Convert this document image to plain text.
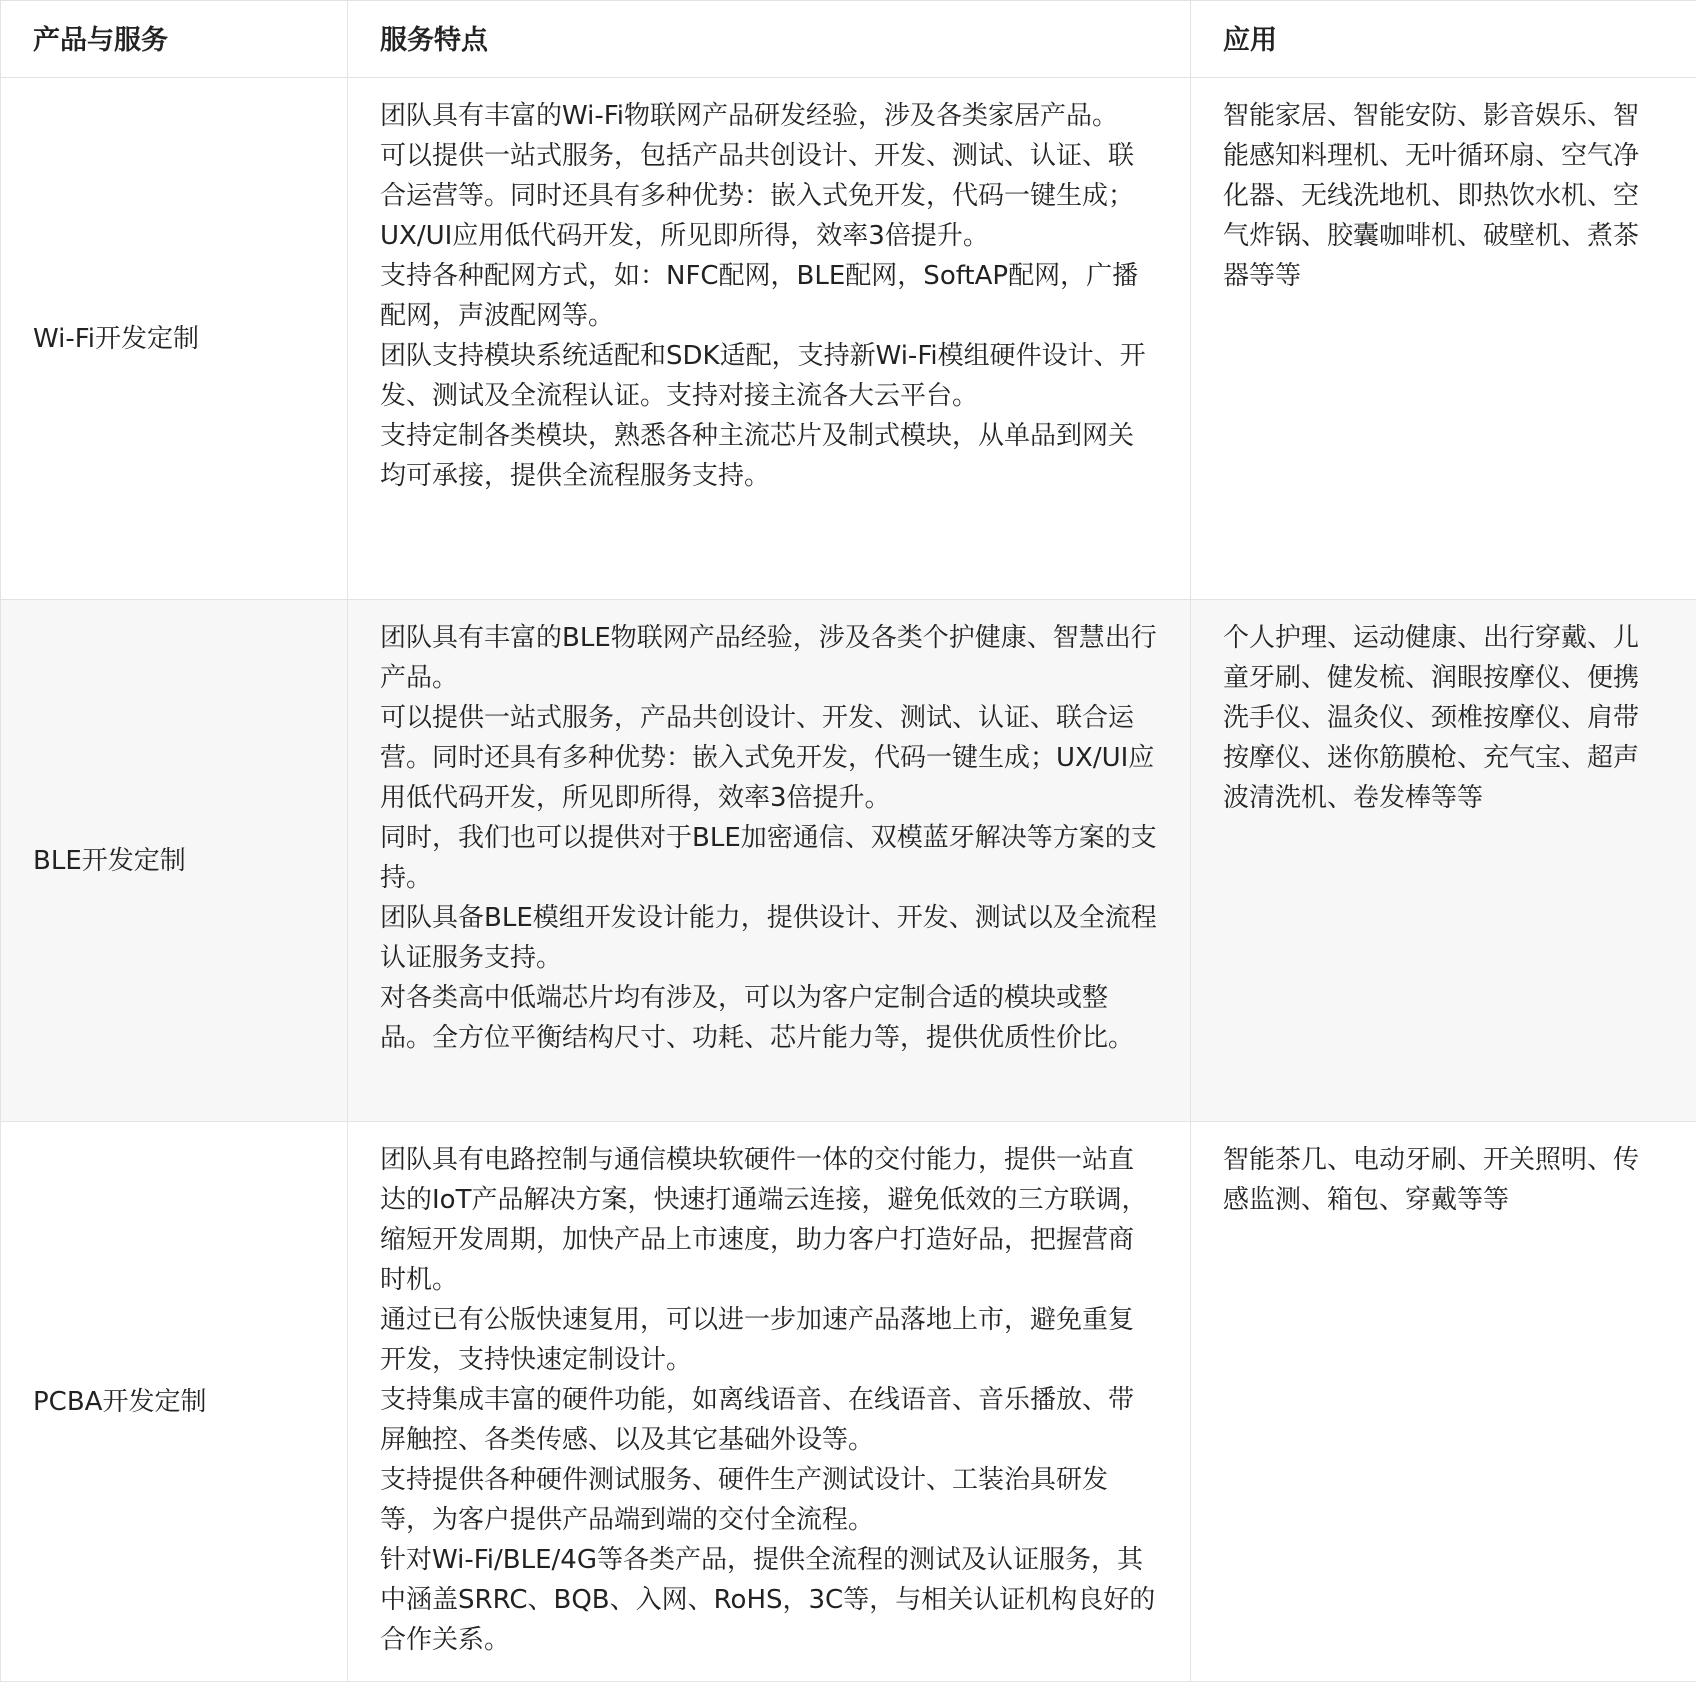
产品与服务	服务特点	应用
Wi-Fi开发定制	团队具有丰富的Wi-Fi物联网产品研发经验，涉及各类家居产品。
可以提供一站式服务，包括产品共创设计、开发、测试、认证、联合运营等。同时还具有多种优势：嵌入式免开发，代码一键生成；UX/UI应用低代码开发，所见即所得，效率3倍提升。
支持各种配网方式，如：NFC配网，BLE配网，SoftAP配网，广播配网，声波配网等。
团队支持模块系统适配和SDK适配，支持新Wi-Fi模组硬件设计、开发、测试及全流程认证。支持对接主流各大云平台。
支持定制各类模块，熟悉各种主流芯片及制式模块，从单品到网关均可承接，提供全流程服务支持。	智能家居、智能安防、影音娱乐、智能感知料理机、无叶循环扇、空气净化器、无线洗地机、即热饮水机、空气炸锅、胶囊咖啡机、破壁机、煮茶器等等
BLE开发定制	团队具有丰富的BLE物联网产品经验，涉及各类个护健康、智慧出行产品。
可以提供一站式服务，产品共创设计、开发、测试、认证、联合运营。同时还具有多种优势：嵌入式免开发，代码一键生成；UX/UI应用低代码开发，所见即所得，效率3倍提升。
同时，我们也可以提供对于BLE加密通信、双模蓝牙解决等方案的支持。
团队具备BLE模组开发设计能力，提供设计、开发、测试以及全流程认证服务支持。
对各类高中低端芯片均有涉及，可以为客户定制合适的模块或整品。全方位平衡结构尺寸、功耗、芯片能力等，提供优质性价比。	个人护理、运动健康、出行穿戴、儿童牙刷、健发梳、润眼按摩仪、便携洗手仪、温灸仪、颈椎按摩仪、肩带按摩仪、迷你筋膜枪、充气宝、超声波清洗机、卷发棒等等
PCBA开发定制	团队具有电路控制与通信模块软硬件一体的交付能力，提供一站直达的IoT产品解决方案，快速打通端云连接，避免低效的三方联调，缩短开发周期，加快产品上市速度，助力客户打造好品，把握营商时机。
通过已有公版快速复用，可以进一步加速产品落地上市，避免重复开发，支持快速定制设计。
支持集成丰富的硬件功能，如离线语音、在线语音、音乐播放、带屏触控、各类传感、以及其它基础外设等。
支持提供各种硬件测试服务、硬件生产测试设计、工装治具研发等，为客户提供产品端到端的交付全流程。
针对Wi-Fi/BLE/4G等各类产品，提供全流程的测试及认证服务，其中涵盖SRRC、BQB、入网、RoHS，3C等，与相关认证机构良好的合作关系。	智能茶几、电动牙刷、开关照明、传感监测、箱包、穿戴等等
